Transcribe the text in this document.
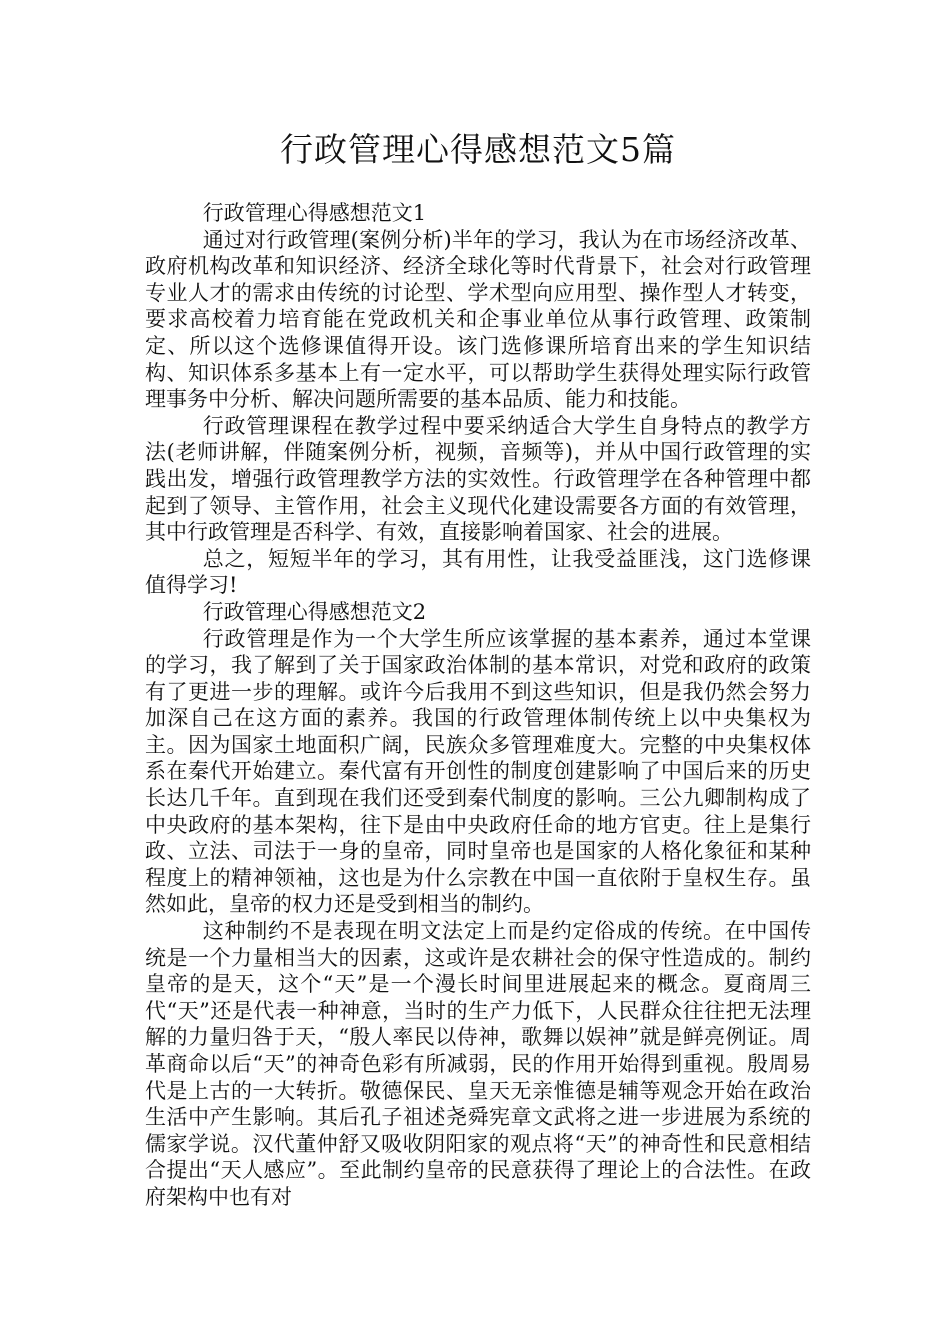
行政管理心得感想范文5篇

行政管理心得感想范文1

通过对行政管理(案例分析)半年的学习，我认为在市场经济改革、政府机构改革和知识经济、经济全球化等时代背景下，社会对行政管理专业人才的需求由传统的讨论型、学术型向应用型、操作型人才转变，要求高校着力培育能在党政机关和企事业单位从事行政管理、政策制定、所以这个选修课值得开设。该门选修课所培育出来的学生知识结构、知识体系多基本上有一定水平，可以帮助学生获得处理实际行政管理事务中分析、解决问题所需要的基本品质、能力和技能。

行政管理课程在教学过程中要采纳适合大学生自身特点的教学方法(老师讲解，伴随案例分析，视频，音频等)，并从中国行政管理的实践出发，增强行政管理教学方法的实效性。行政管理学在各种管理中都起到了领导、主管作用，社会主义现代化建设需要各方面的有效管理，其中行政管理是否科学、有效，直接影响着国家、社会的进展。

总之，短短半年的学习，其有用性，让我受益匪浅，这门选修课值得学习!

行政管理心得感想范文2

行政管理是作为一个大学生所应该掌握的基本素养，通过本堂课的学习，我了解到了关于国家政治体制的基本常识，对党和政府的政策有了更进一步的理解。或许今后我用不到这些知识，但是我仍然会努力加深自己在这方面的素养。我国的行政管理体制传统上以中央集权为主。因为国家土地面积广阔，民族众多管理难度大。完整的中央集权体系在秦代开始建立。秦代富有开创性的制度创建影响了中国后来的历史长达几千年。直到现在我们还受到秦代制度的影响。三公九卿制构成了中央政府的基本架构，往下是由中央政府任命的地方官吏。往上是集行政、立法、司法于一身的皇帝，同时皇帝也是国家的人格化象征和某种程度上的精神领袖，这也是为什么宗教在中国一直依附于皇权生存。虽然如此，皇帝的权力还是受到相当的制约。

这种制约不是表现在明文法定上而是约定俗成的传统。在中国传统是一个力量相当大的因素，这或许是农耕社会的保守性造成的。制约皇帝的是天，这个“天”是一个漫长时间里进展起来的概念。夏商周三代“天”还是代表一种神意，当时的生产力低下，人民群众往往把无法理解的力量归咎于天，“殷人率民以侍神，歌舞以娱神”就是鲜亮例证。周革商命以后“天”的神奇色彩有所减弱，民的作用开始得到重视。殷周易代是上古的一大转折。敬德保民、皇天无亲惟德是辅等观念开始在政治生活中产生影响。其后孔子祖述尧舜宪章文武将之进一步进展为系统的儒家学说。汉代董仲舒又吸收阴阳家的观点将“天”的神奇性和民意相结合提出“天人感应”。至此制约皇帝的民意获得了理论上的合法性。在政府架构中也有对
